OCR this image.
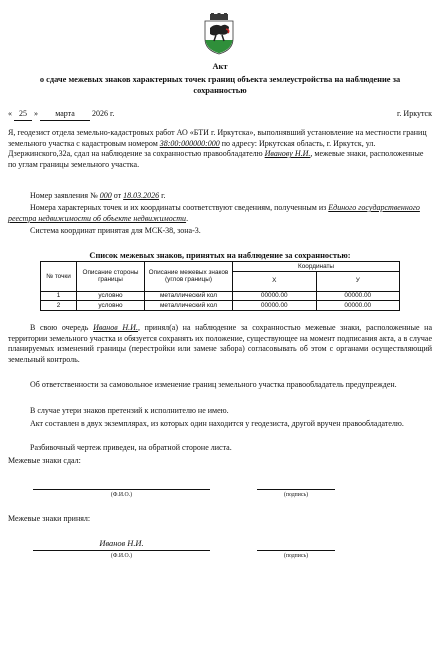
Акт
о сдаче межевых знаков характерных точек границ объекта землеустройства на наблюдение за сохранностью
« 25 » марта 2026 г.	г. Иркутск
Я, геодезист отдела земельно-кадастровых работ АО «БТИ г. Иркутска», выполнявший установление на местности границ земельного участка с кадастровым номером 38:00:000000:000 по адресу: Иркутская область, г. Иркутск, ул. Дзержинского,32а, сдал на наблюдение за сохранностью правообладателю Иванову Н.И., межевые знаки, расположенные по углам границы земельного участка.
Номер заявления № 000 от 18.03.2026 г.
Номера характерных точек и их координаты соответствуют сведениям, полученным из Единого государственного реестра недвижимости об объекте недвижимости.
Система координат принятая для МСК-38, зона-3.
Список межевых знаков, принятых на наблюдение за сохранностью:
№ точки	Описание стороны границы	Описание межевых знаков (углов границы)	Координаты	
			Х	У
1	условно	металлический кол	00000.00	00000.00
2	условно	металлический кол	00000.00	00000.00
В свою очередь Иванов Н.И., принял(а) на наблюдение за сохранностью межевые знаки, расположенные на территории земельного участка и обязуется сохранять их положение, существующее на момент подписания акта, а в случае планируемых изменений границы (перестройки или замене забора) согласовывать об этом с органами осуществляющий земельный контроль.
Об ответственности за самовольное изменение границ земельного участка правообладатель предупрежден.
В случае утери знаков претензий к исполнителю не имею.
Акт составлен в двух экземплярах, из которых один находится у геодезиста, другой вручен правообладателю.
Разбивочный чертеж приведен, на обратной стороне листа.
Межевые знаки сдал:
(Ф.И.О.)	(подпись)
Межевые знаки принял:
Иванов Н.И.
(Ф.И.О.)	(подпись)
